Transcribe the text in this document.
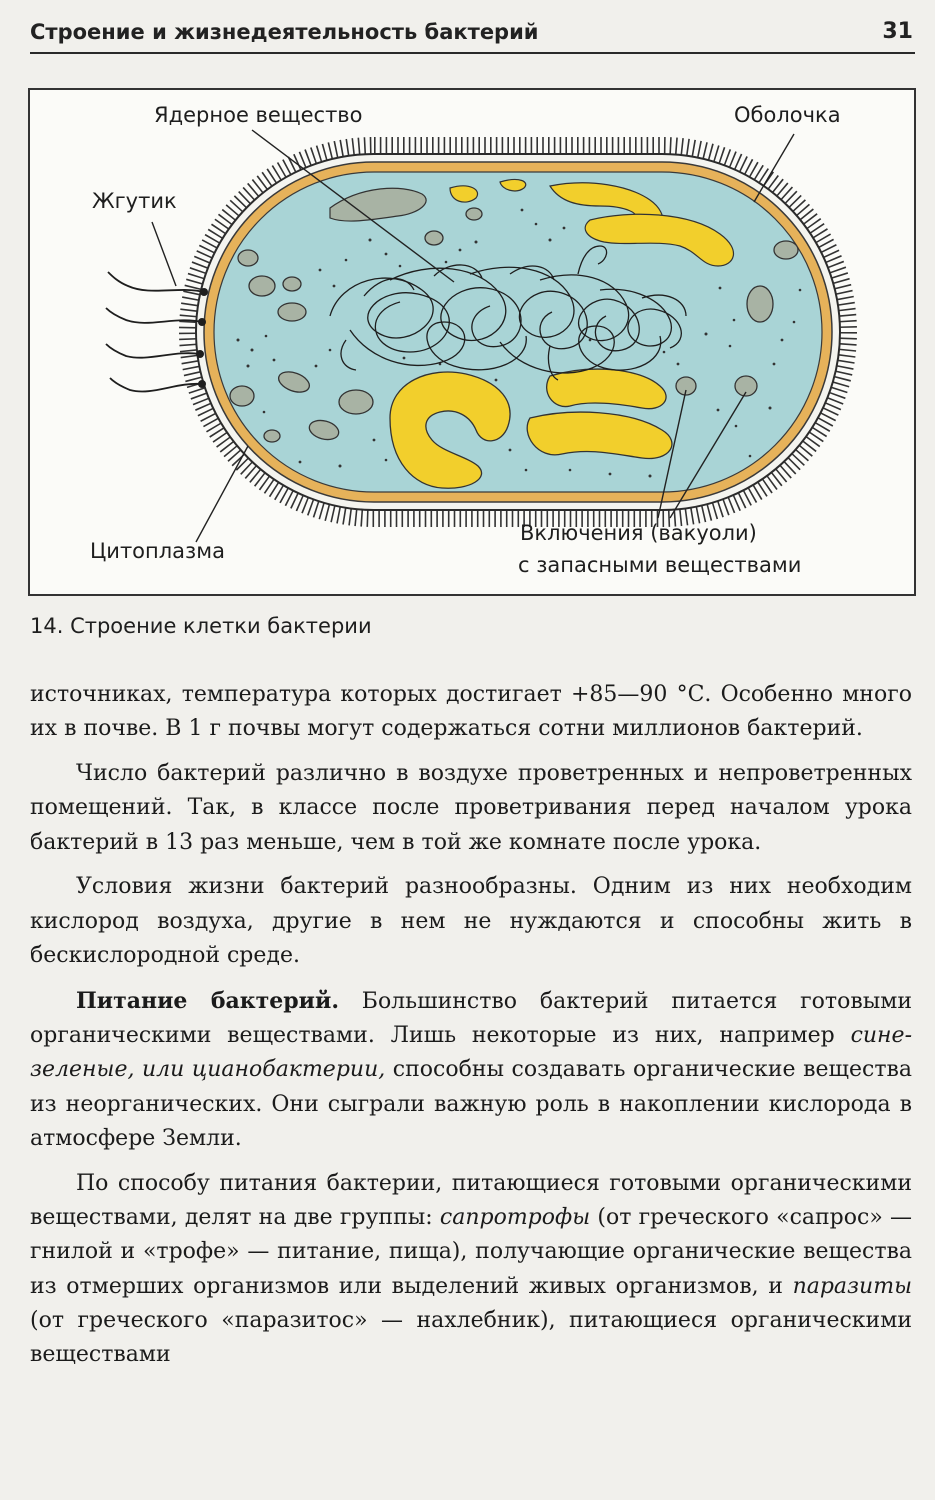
Строение и жизнедеятельность бактерий	31
Ядерное вещество	Оболочка
Жгутик
Цитоплазма
Включения (вакуоли)
с запасными веществами
14. Строение клетки бактерии

источниках, температура которых достигает +85—90 °С. Особенно много их в почве. В 1 г почвы могут содержаться сотни миллионов бактерий.

Число бактерий различно в воздухе проветренных и непроветренных помещений. Так, в классе после проветривания перед началом урока бактерий в 13 раз меньше, чем в той же комнате после урока.

Условия жизни бактерий разнообразны. Одним из них необходим кислород воздуха, другие в нем не нуждаются и способны жить в бескислородной среде.

Питание бактерий. Большинство бактерий питается готовыми органическими веществами. Лишь некоторые из них, например сине-зеленые, или цианобактерии, способны создавать органические вещества из неорганических. Они сыграли важную роль в накоплении кислорода в атмосфере Земли.

По способу питания бактерии, питающиеся готовыми органическими веществами, делят на две группы: сапротрофы (от греческого «сапрос» — гнилой и «трофе» — питание, пища), получающие органические вещества из отмерших организмов или выделений живых организмов, и паразиты (от греческого «паразитос» — нахлебник), питающиеся органическими веществами
